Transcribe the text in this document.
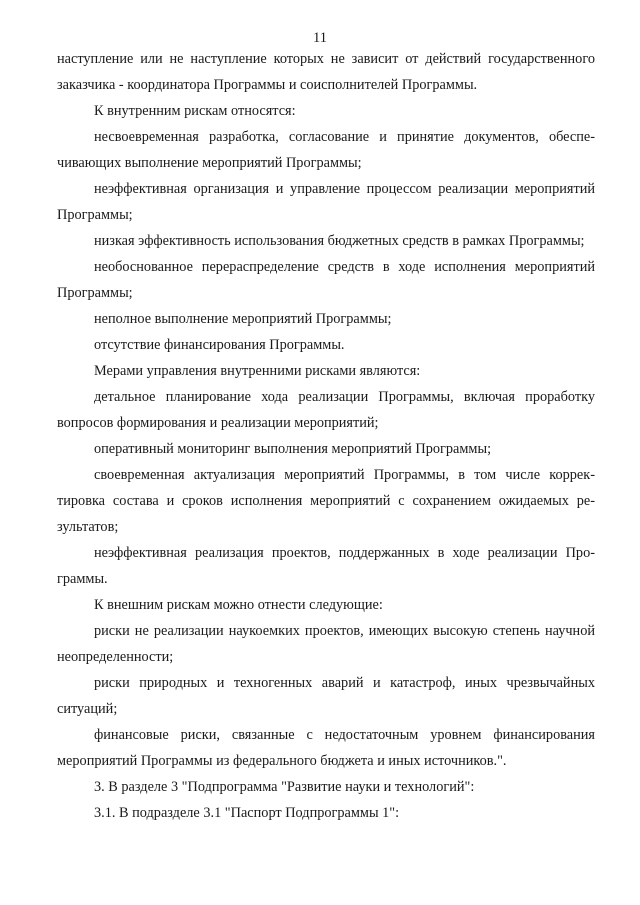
11

наступление или не наступление которых не зависит от действий государственного заказчика - координатора Программы и соисполнителей Программы.

К внутренним рискам относятся:

несвоевременная разработка, согласование и принятие документов, обеспечивающих выполнение мероприятий Программы;

неэффективная организация и управление процессом реализации мероприятий Программы;

низкая эффективность использования бюджетных средств в рамках Программы;

необоснованное перераспределение средств в ходе исполнения мероприятий Программы;

неполное выполнение мероприятий Программы;

отсутствие финансирования Программы.

Мерами управления внутренними рисками являются:

детальное планирование хода реализации Программы, включая проработку вопросов формирования и реализации мероприятий;

оперативный мониторинг выполнения мероприятий Программы;

своевременная актуализация мероприятий Программы, в том числе корректировка состава и сроков исполнения мероприятий с сохранением ожидаемых результатов;

неэффективная реализация проектов, поддержанных в ходе реализации Программы.

К внешним рискам можно отнести следующие:

риски не реализации наукоемких проектов, имеющих высокую степень научной неопределенности;

риски природных и техногенных аварий и катастроф, иных чрезвычайных ситуаций;

финансовые риски, связанные с недостаточным уровнем финансирования мероприятий Программы из федерального бюджета и иных источников.".

3. В разделе 3 "Подпрограмма "Развитие науки и технологий":

3.1. В подразделе 3.1 "Паспорт Подпрограммы 1":
